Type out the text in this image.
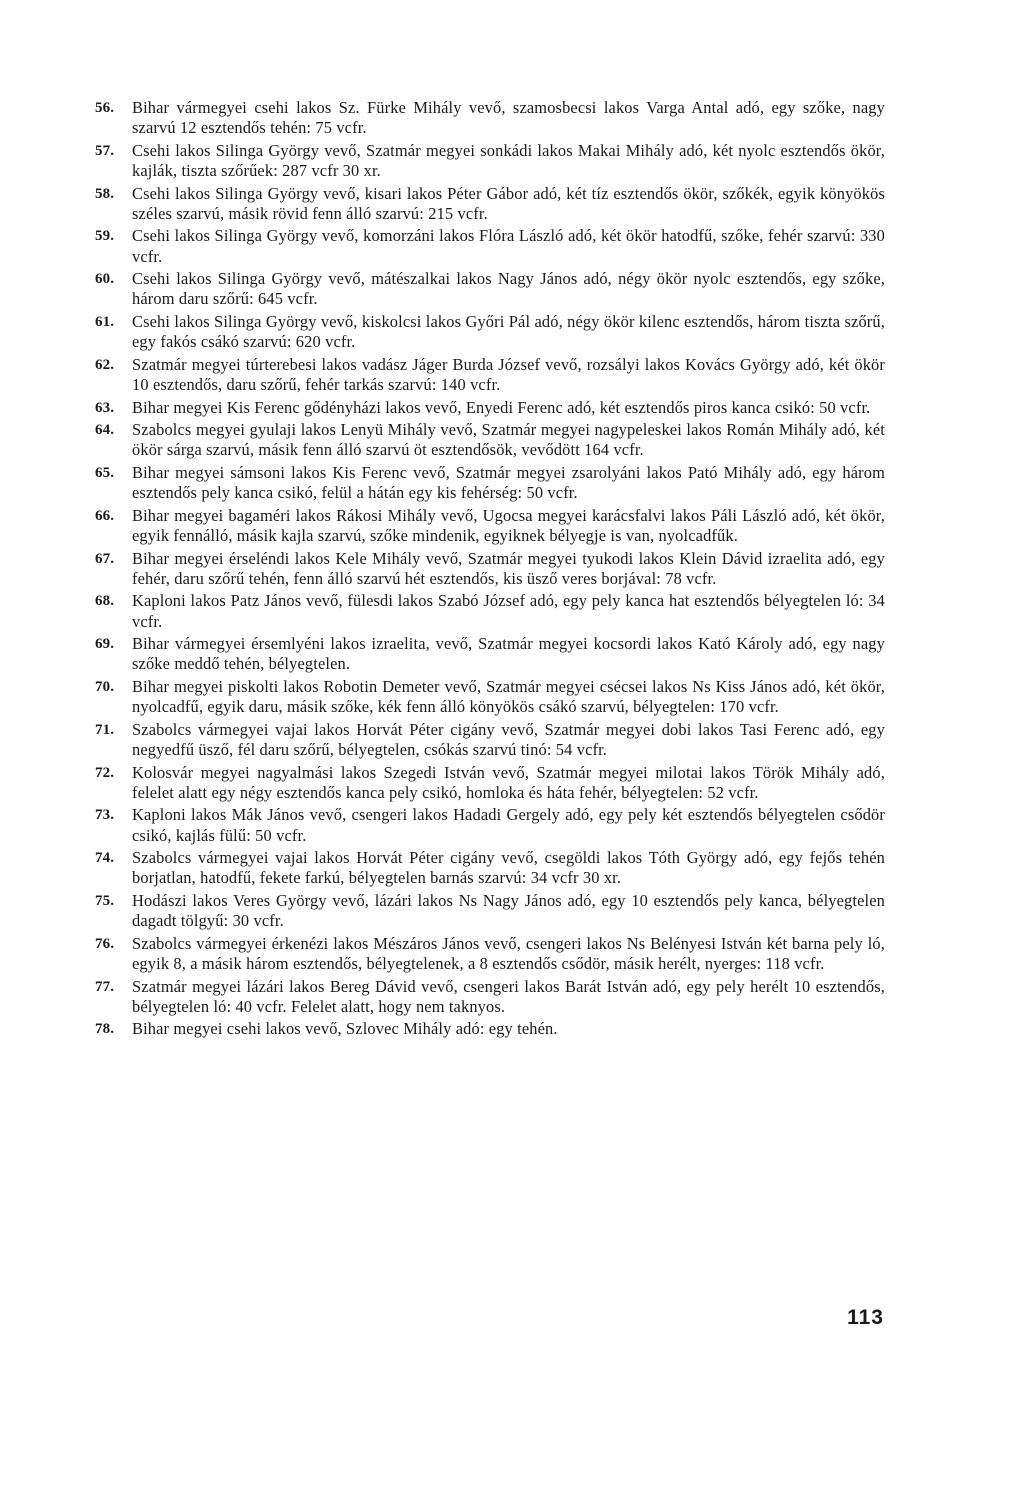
56. Bihar vármegyei csehi lakos Sz. Fürke Mihály vevő, szamosbecsi lakos Varga Antal adó, egy szőke, nagy szarvú 12 esztendős tehén: 75 vcfr.
57. Csehi lakos Silinga György vevő, Szatmár megyei sonkádi lakos Makai Mihály adó, két nyolc esztendős ökör, kajlák, tiszta szőrűek: 287 vcfr 30 xr.
58. Csehi lakos Silinga György vevő, kisari lakos Péter Gábor adó, két tíz esztendős ökör, szőkék, egyik könyökös széles szarvú, másik rövid fenn álló szarvú: 215 vcfr.
59. Csehi lakos Silinga György vevő, komorzáni lakos Flóra László adó, két ökör hatodfű, szőke, fehér szarvú: 330 vcfr.
60. Csehi lakos Silinga György vevő, mátészalkai lakos Nagy János adó, négy ökör nyolc esztendős, egy szőke, három daru szőrű: 645 vcfr.
61. Csehi lakos Silinga György vevő, kiskolcsi lakos Győri Pál adó, négy ökör kilenc esztendős, három tiszta szőrű, egy fakós csákó szarvú: 620 vcfr.
62. Szatmár megyei túrterebesi lakos vadász Jáger Burda József vevő, rozsályi lakos Kovács György adó, két ökör 10 esztendős, daru szőrű, fehér tarkás szarvú: 140 vcfr.
63. Bihar megyei Kis Ferenc gődényházi lakos vevő, Enyedi Ferenc adó, két esztendős piros kanca csikó: 50 vcfr.
64. Szabolcs megyei gyulaji lakos Lenyü Mihály vevő, Szatmár megyei nagypeleskei lakos Román Mihály adó, két ökör sárga szarvú, másik fenn álló szarvú öt esztendősök, vevődött 164 vcfr.
65. Bihar megyei sámsoni lakos Kis Ferenc vevő, Szatmár megyei zsarolyáni lakos Pató Mihály adó, egy három esztendős pely kanca csikó, felül a hátán egy kis fehérség: 50 vcfr.
66. Bihar megyei bagaméri lakos Rákosi Mihály vevő, Ugocsa megyei karácsfalvi lakos Páli László adó, két ökör, egyik fennálló, másik kajla szarvú, szőke mindenik, egyiknek bélyegje is van, nyolcadfűk.
67. Bihar megyei érseléndi lakos Kele Mihály vevő, Szatmár megyei tyukodi lakos Klein Dávid izraelita adó, egy fehér, daru szőrű tehén, fenn álló szarvú hét esztendős, kis üsző veres borjával: 78 vcfr.
68. Kaploni lakos Patz János vevő, fülesdi lakos Szabó József adó, egy pely kanca hat esztendős bélyegtelen ló: 34 vcfr.
69. Bihar vármegyei érsemlyéni lakos izraelita, vevő, Szatmár megyei kocsordi lakos Kató Károly adó, egy nagy szőke meddő tehén, bélyegtelen.
70. Bihar megyei piskolti lakos Robotin Demeter vevő, Szatmár megyei csécsei lakos Ns Kiss János adó, két ökör, nyolcadfű, egyik daru, másik szőke, kék fenn álló könyökös csákó szarvú, bélyegtelen: 170 vcfr.
71. Szabolcs vármegyei vajai lakos Horvát Péter cigány vevő, Szatmár megyei dobi lakos Tasi Ferenc adó, egy negyedfű üsző, fél daru szőrű, bélyegtelen, csókás szarvú tinó: 54 vcfr.
72. Kolosvár megyei nagyalmási lakos Szegedi István vevő, Szatmár megyei milotai lakos Török Mihály adó, felelet alatt egy négy esztendős kanca pely csikó, homloka és háta fehér, bélyegtelen: 52 vcfr.
73. Kaploni lakos Mák János vevő, csengeri lakos Hadadi Gergely adó, egy pely két esztendős bélyegtelen csődör csikó, kajlás fülű: 50 vcfr.
74. Szabolcs vármegyei vajai lakos Horvát Péter cigány vevő, csegöldi lakos Tóth György adó, egy fejős tehén borjatlan, hatodfű, fekete farkú, bélyegtelen barnás szarvú: 34 vcfr 30 xr.
75. Hodászi lakos Veres György vevő, lázári lakos Ns Nagy János adó, egy 10 esztendős pely kanca, bélyegtelen dagadt tölgyű: 30 vcfr.
76. Szabolcs vármegyei érkenézi lakos Mészáros János vevő, csengeri lakos Ns Belényesi István két barna pely ló, egyik 8, a másik három esztendős, bélyegtelenek, a 8 esztendős csődör, másik herélt, nyerges: 118 vcfr.
77. Szatmár megyei lázári lakos Bereg Dávid vevő, csengeri lakos Barát István adó, egy pely herélt 10 esztendős, bélyegtelen ló: 40 vcfr. Felelet alatt, hogy nem taknyos.
78. Bihar megyei csehi lakos vevő, Szlovec Mihály adó: egy tehén.
113
